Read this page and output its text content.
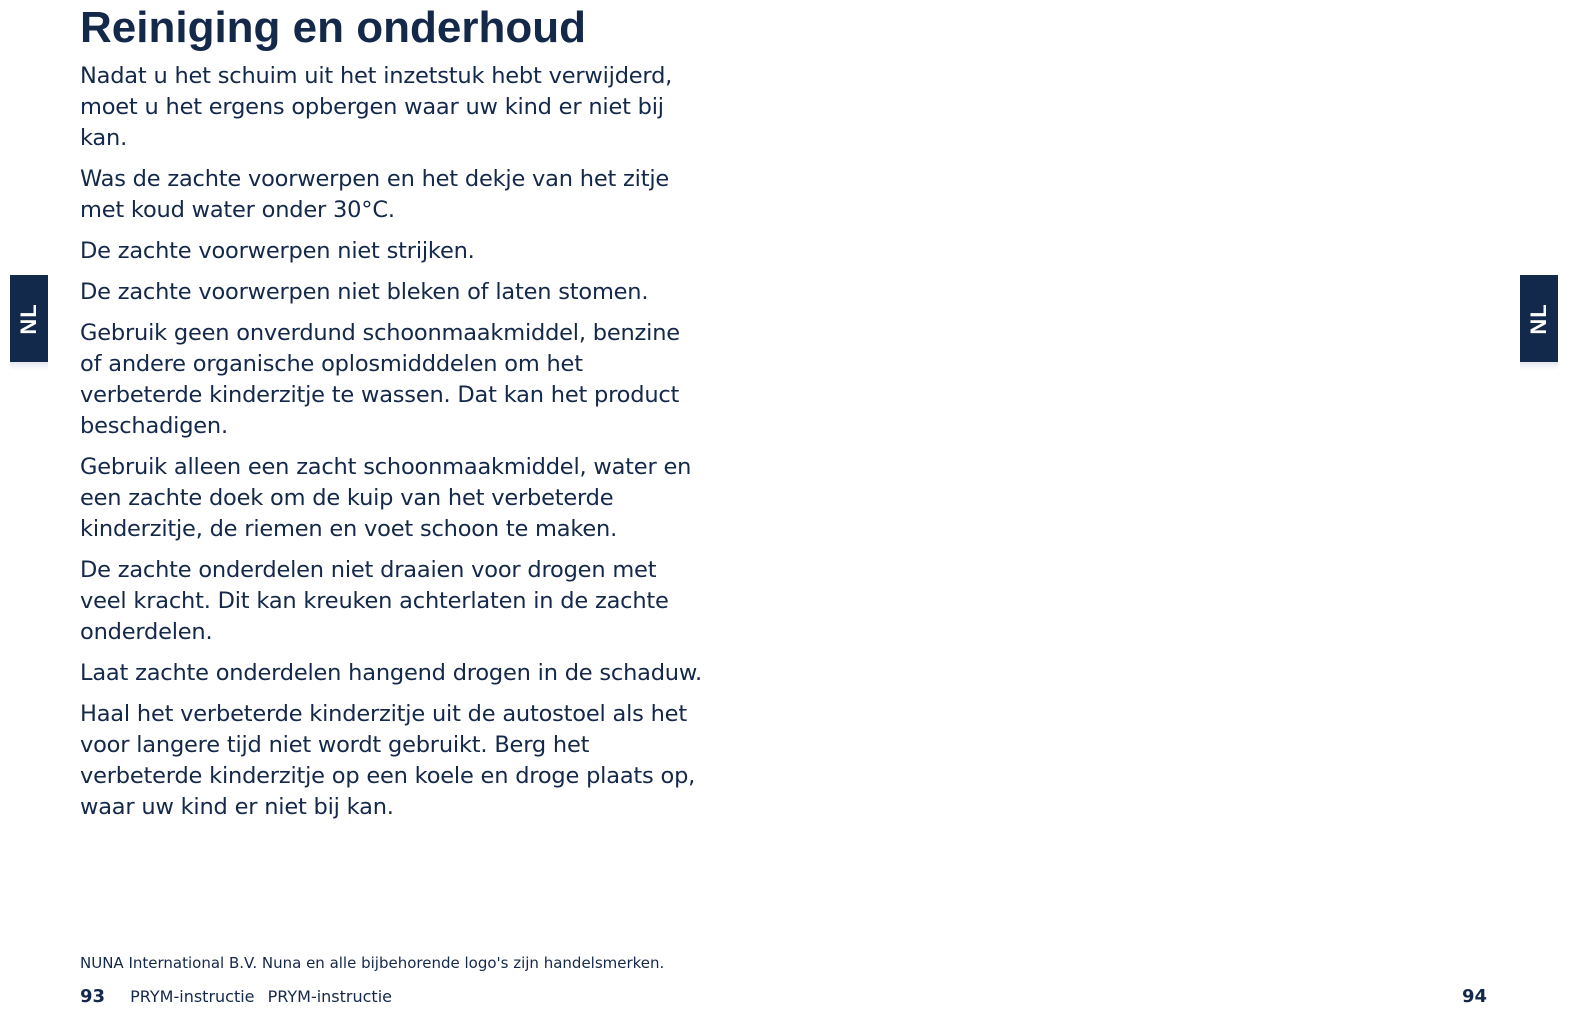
Reiniging en onderhoud

Nadat u het schuim uit het inzetstuk hebt verwijderd, moet u het ergens opbergen waar uw kind er niet bij kan.

Was de zachte voorwerpen en het dekje van het zitje met koud water onder 30°C.

De zachte voorwerpen niet strijken.

De zachte voorwerpen niet bleken of laten stomen.

Gebruik geen onverdund schoonmaakmiddel, benzine of andere organische oplosmidddelen om het verbeterde kinderzitje te wassen. Dat kan het product beschadigen.

Gebruik alleen een zacht schoonmaakmiddel, water en een zachte doek om de kuip van het verbeterde kinderzitje, de riemen en voet schoon te maken.

De zachte onderdelen niet draaien voor drogen met veel kracht. Dit kan kreuken achterlaten in de zachte onderdelen.

Laat zachte onderdelen hangend drogen in de schaduw.

Haal het verbeterde kinderzitje uit de autostoel als het voor langere tijd niet wordt gebruikt. Berg het verbeterde kinderzitje op een koele en droge plaats op, waar uw kind er niet bij kan.

NL	NL
NUNA International B.V. Nuna en alle bijbehorende logo's zijn handelsmerken.
93 PRYM-instructie PRYM-instructie	94
